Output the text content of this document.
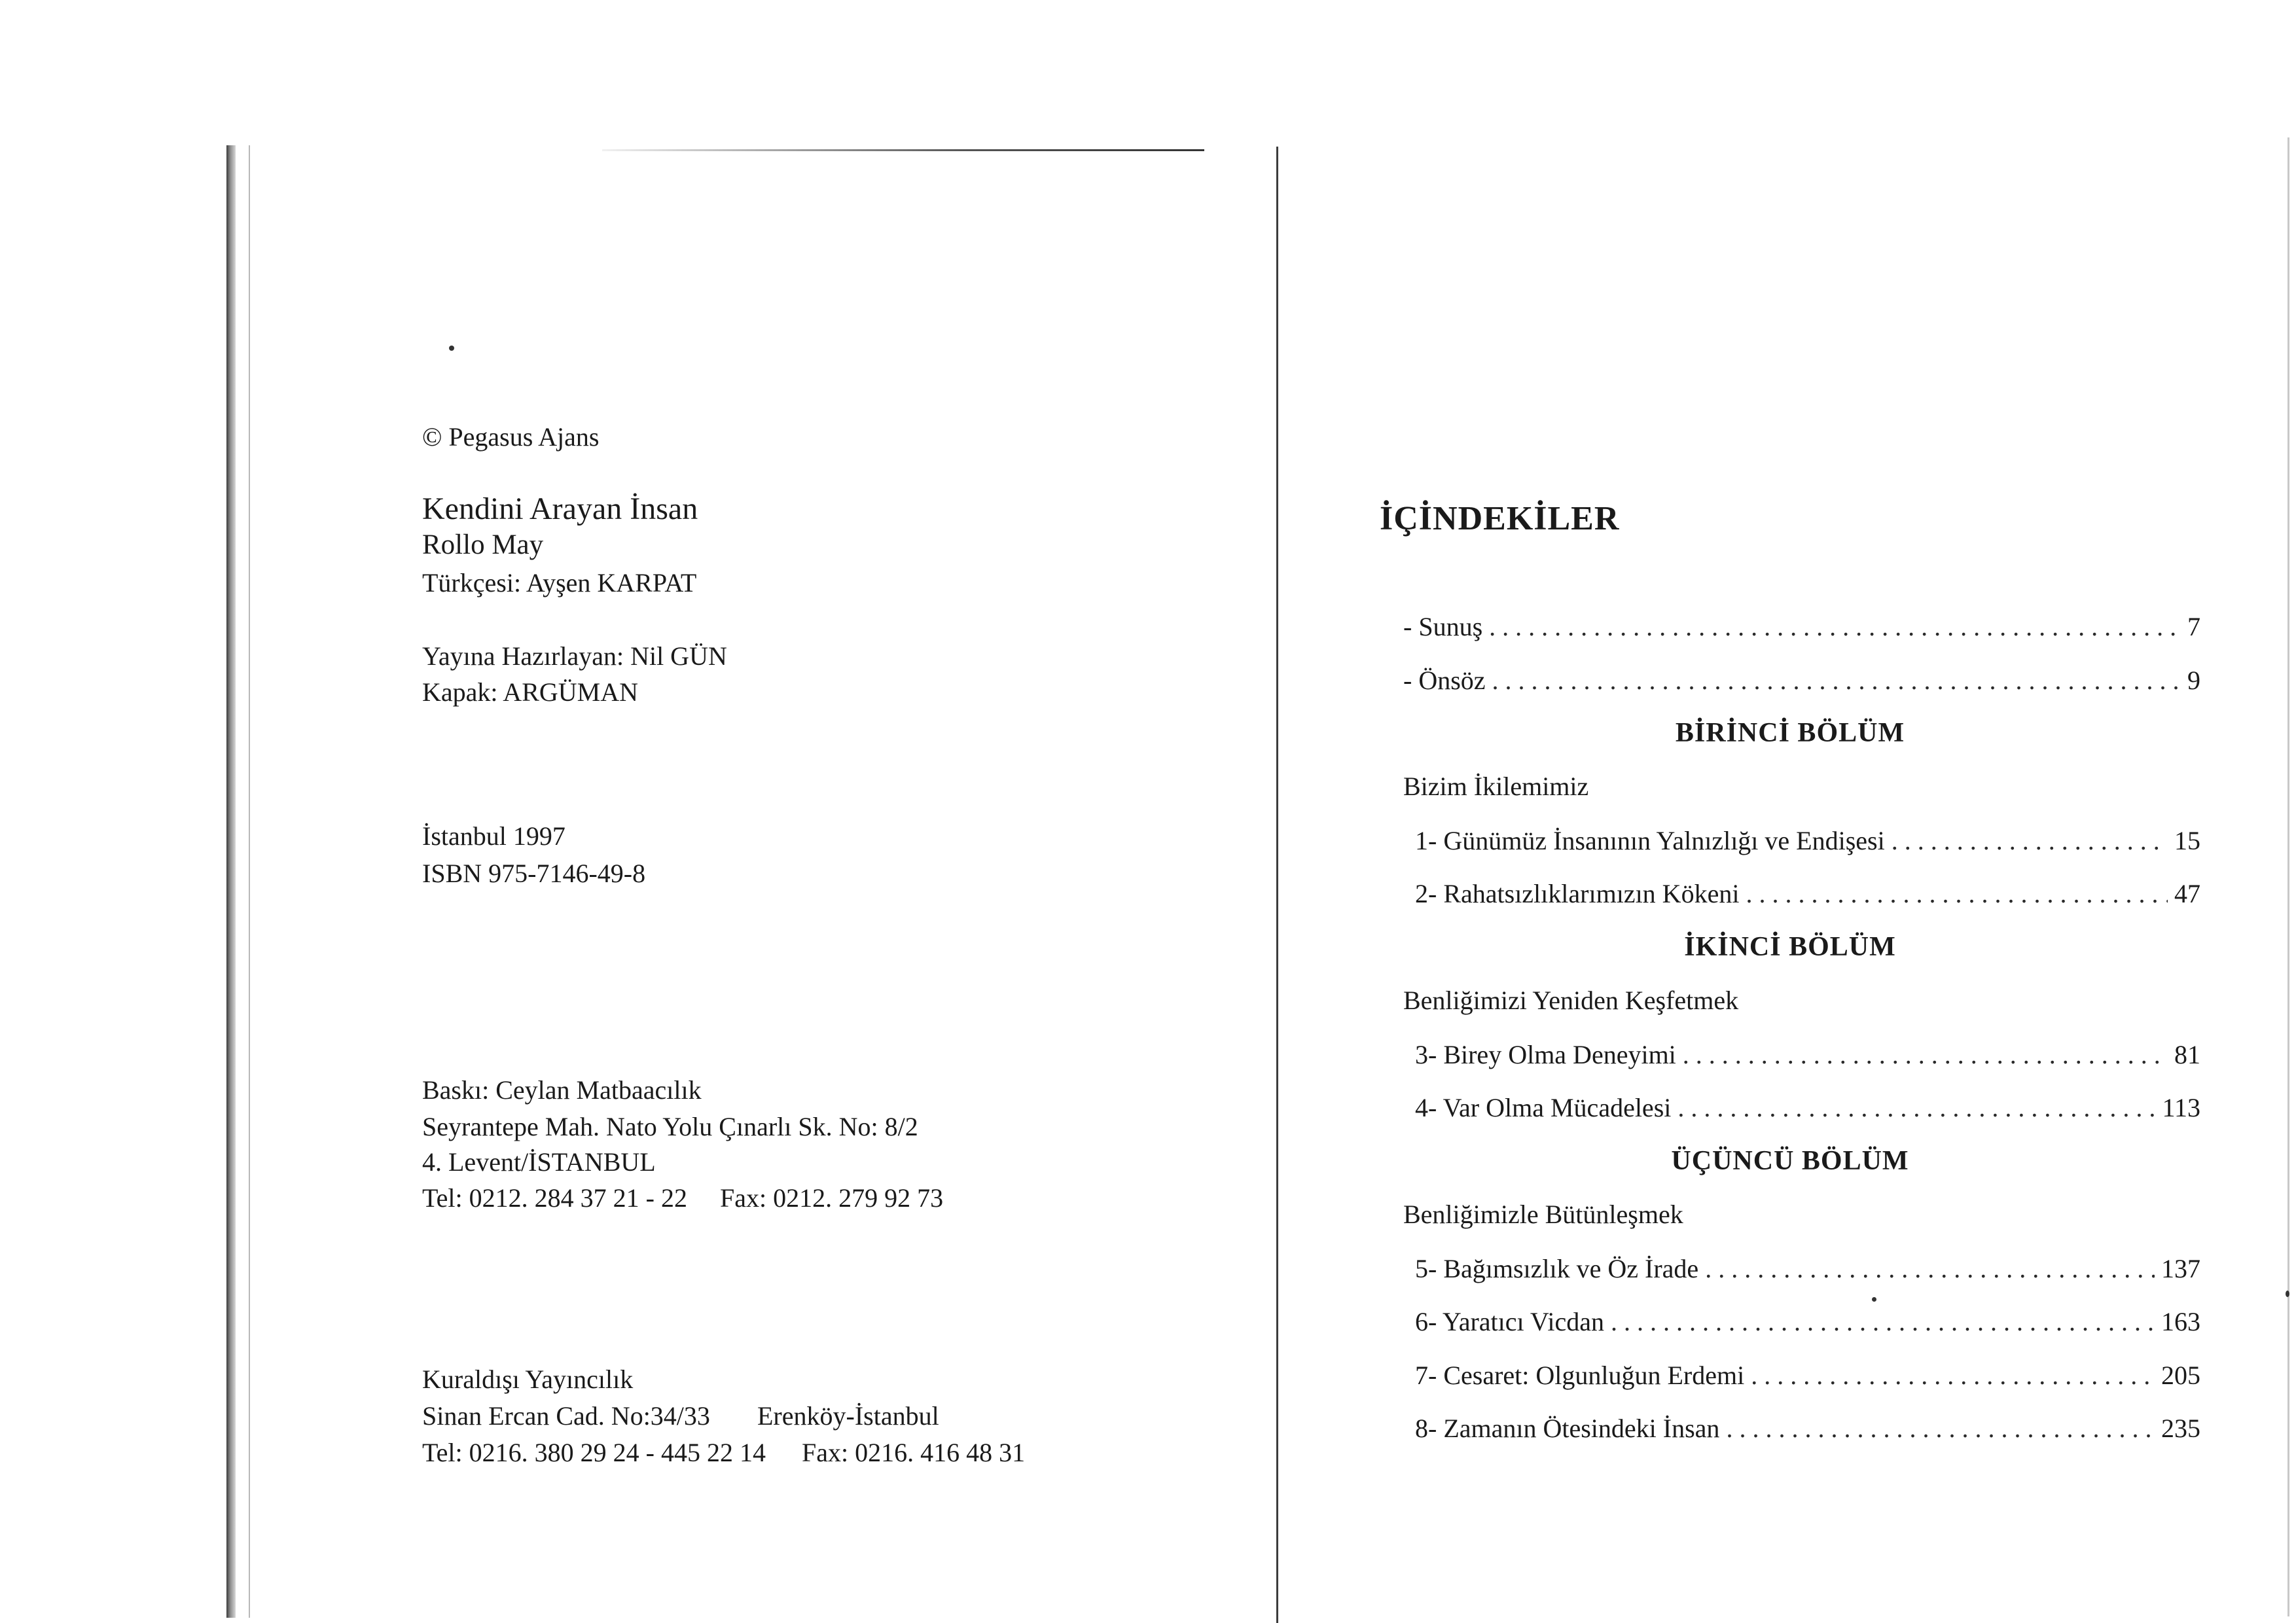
© Pegasus Ajans
Kendini Arayan İnsan
Rollo May
Türkçesi: Ayşen KARPAT
Yayına Hazırlayan: Nil GÜN
Kapak: ARGÜMAN
İstanbul 1997
ISBN 975-7146-49-8
Baskı: Ceylan Matbaacılık
Seyrantepe Mah. Nato Yolu Çınarlı Sk. No: 8/2
4. Levent/İSTANBUL
Tel: 0212. 284 37 21 - 22 Fax: 0212. 279 92 73
Kuraldışı Yayıncılık
Sinan Ercan Cad. No:34/33 Erenköy-İstanbul
Tel: 0216. 380 29 24 - 445 22 14 Fax: 0216. 416 48 31
İÇİNDEKİLER
- Sunuş . . .	7
- Önsöz . . .	9
BİRİNCİ BÖLÜM
Bizim İkilemimiz
1- Günümüz İnsanının Yalnızlığı ve Endişesi . . .	15
2- Rahatsızlıklarımızın Kökeni . . .	47
İKİNCİ BÖLÜM
Benliğimizi Yeniden Keşfetmek
3- Birey Olma Deneyimi . . .	81
4- Var Olma Mücadelesi . . .	113
ÜÇÜNCÜ BÖLÜM
Benliğimizle Bütünleşmek
5- Bağımsızlık ve Öz İrade . . .	137
6- Yaratıcı Vicdan . . .	163
7- Cesaret: Olgunluğun Erdemi . . .	205
8- Zamanın Ötesindeki İnsan . . .	235
